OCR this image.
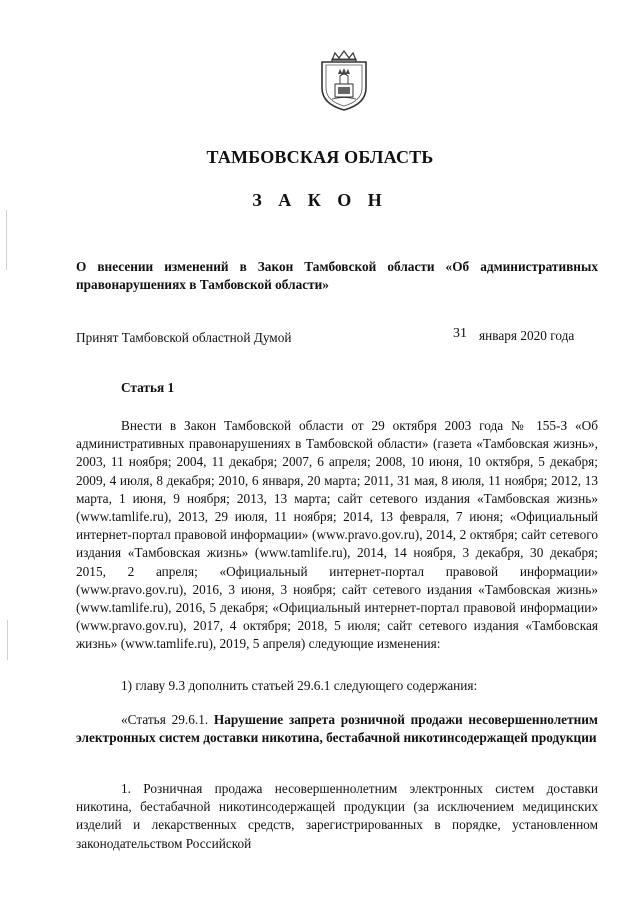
ТАМБОВСКАЯ ОБЛАСТЬ
З А К О Н
О внесении изменений в Закон Тамбовской области «Об административных правонарушениях в Тамбовской области»
Принят Тамбовской областной Думой	31 января 2020 года
Статья 1
Внести в Закон Тамбовской области от 29 октября 2003 года № 155-З «Об административных правонарушениях в Тамбовской области» (газета «Тамбовская жизнь», 2003, 11 ноября; 2004, 11 декабря; 2007, 6 апреля; 2008, 10 июня, 10 октября, 5 декабря; 2009, 4 июля, 8 декабря; 2010, 6 января, 20 марта; 2011, 31 мая, 8 июля, 11 ноября; 2012, 13 марта, 1 июня, 9 ноября; 2013, 13 марта; сайт сетевого издания «Тамбовская жизнь» (www.tamlife.ru), 2013, 29 июля, 11 ноября; 2014, 13 февраля, 7 июня; «Официальный интернет-портал правовой информации» (www.pravo.gov.ru), 2014, 2 октября; сайт сетевого издания «Тамбовская жизнь» (www.tamlife.ru), 2014, 14 ноября, 3 декабря, 30 декабря; 2015, 2 апреля; «Официальный интернет-портал правовой информации» (www.pravo.gov.ru), 2016, 3 июня, 3 ноября; сайт сетевого издания «Тамбовская жизнь» (www.tamlife.ru), 2016, 5 декабря; «Официальный интернет-портал правовой информации» (www.pravo.gov.ru), 2017, 4 октября; 2018, 5 июля; сайт сетевого издания «Тамбовская жизнь» (www.tamlife.ru), 2019, 5 апреля) следующие изменения:
1) главу 9.3 дополнить статьей 29.6.1 следующего содержания:
«Статья 29.6.1. Нарушение запрета розничной продажи несовершеннолетним электронных систем доставки никотина, бестабачной никотинсодержащей продукции
1. Розничная продажа несовершеннолетним электронных систем доставки никотина, бестабачной никотинсодержащей продукции (за исключением медицинских изделий и лекарственных средств, зарегистрированных в порядке, установленном законодательством Российской
